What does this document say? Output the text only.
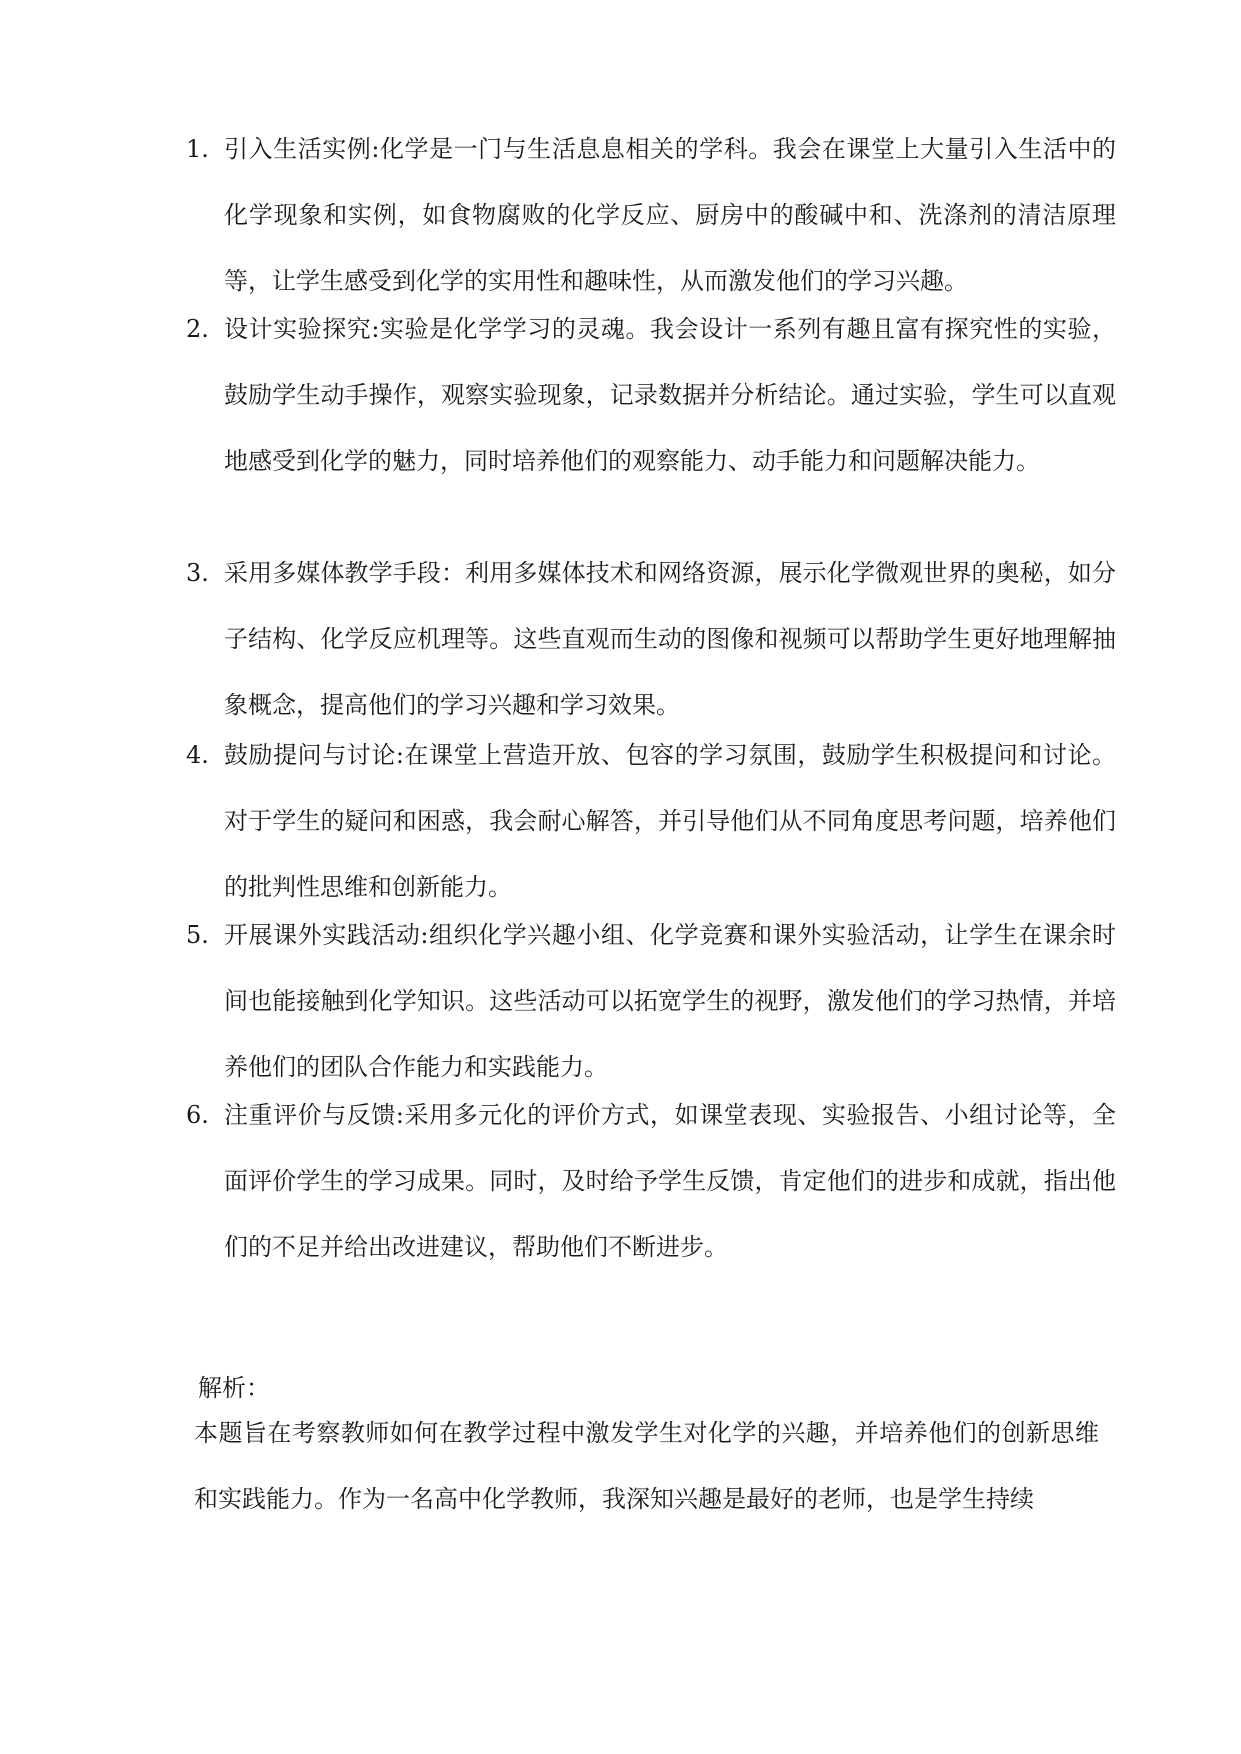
1. 引入生活实例:化学是一门与生活息息相关的学科。我会在课堂上大量引入生活中的化学现象和实例，如食物腐败的化学反应、厨房中的酸碱中和、洗涤剂的清洁原理等，让学生感受到化学的实用性和趣味性，从而激发他们的学习兴趣。
2. 设计实验探究:实验是化学学习的灵魂。我会设计一系列有趣且富有探究性的实验，鼓励学生动手操作，观察实验现象，记录数据并分析结论。通过实验，学生可以直观地感受到化学的魅力，同时培养他们的观察能力、动手能力和问题解决能力。
3. 采用多媒体教学手段：利用多媒体技术和网络资源，展示化学微观世界的奥秘，如分子结构、化学反应机理等。这些直观而生动的图像和视频可以帮助学生更好地理解抽象概念，提高他们的学习兴趣和学习效果。
4. 鼓励提问与讨论:在课堂上营造开放、包容的学习氛围，鼓励学生积极提问和讨论。对于学生的疑问和困惑，我会耐心解答，并引导他们从不同角度思考问题，培养他们的批判性思维和创新能力。
5. 开展课外实践活动:组织化学兴趣小组、化学竞赛和课外实验活动，让学生在课余时间也能接触到化学知识。这些活动可以拓宽学生的视野，激发他们的学习热情，并培养他们的团队合作能力和实践能力。
6. 注重评价与反馈:采用多元化的评价方式，如课堂表现、实验报告、小组讨论等，全面评价学生的学习成果。同时，及时给予学生反馈，肯定他们的进步和成就，指出他们的不足并给出改进建议，帮助他们不断进步。
解析：
本题旨在考察教师如何在教学过程中激发学生对化学的兴趣，并培养他们的创新思维和实践能力。作为一名高中化学教师，我深知兴趣是最好的老师，也是学生持续
